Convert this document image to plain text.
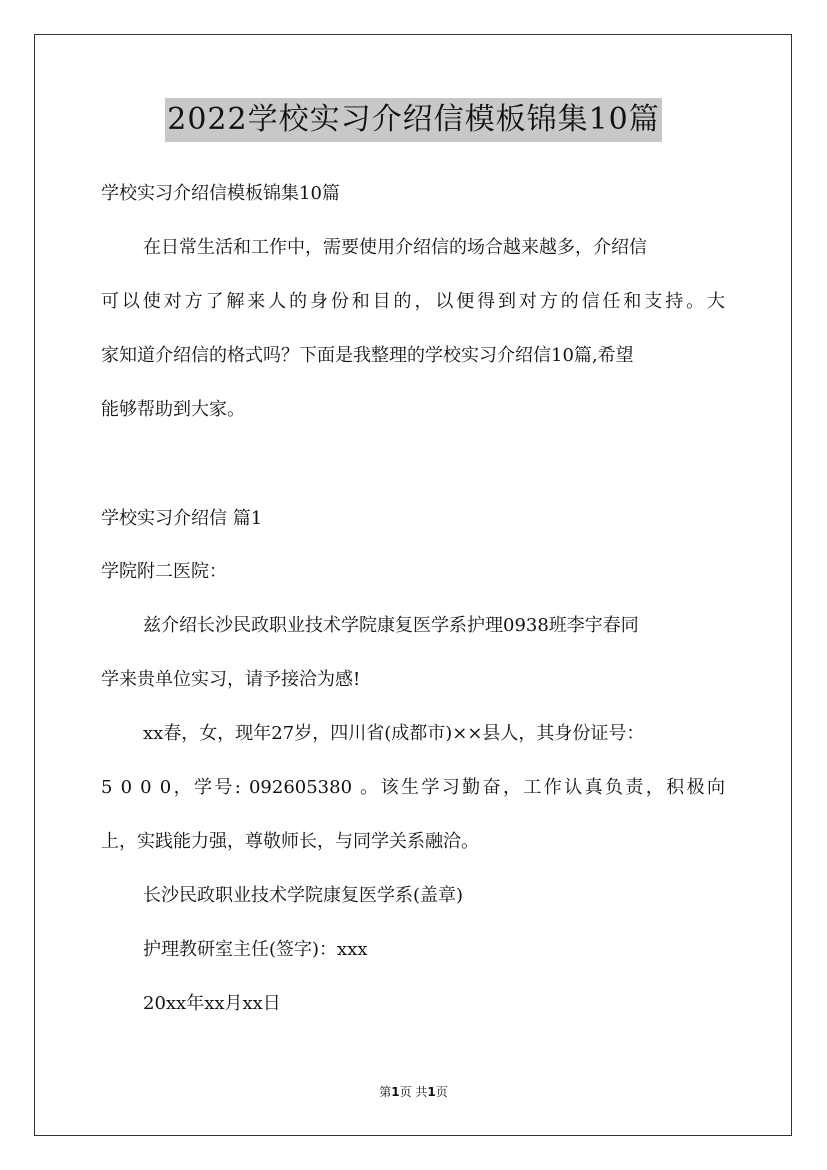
2022学校实习介绍信模板锦集10篇
学校实习介绍信模板锦集10篇
在日常生活和工作中，需要使用介绍信的场合越来越多，介绍信
可以使对方了解来人的身份和目的，以便得到对方的信任和支持。大
家知道介绍信的格式吗？下面是我整理的学校实习介绍信10篇,希望
能够帮助到大家。
学校实习介绍信 篇1
学院附二医院：
兹介绍长沙民政职业技术学院康复医学系护理0938班李宇春同
学来贵单位实习，请予接洽为感!
xx春，女，现年27岁，四川省(成都市)××县人，其身份证号：
5 0 0 0，学号: 092605380 。该生学习勤奋，工作认真负责，积极向
上，实践能力强，尊敬师长，与同学关系融洽。
长沙民政职业技术学院康复医学系(盖章)
护理教研室主任(签字)：xxx
20xx年xx月xx日
第1页 共1页
